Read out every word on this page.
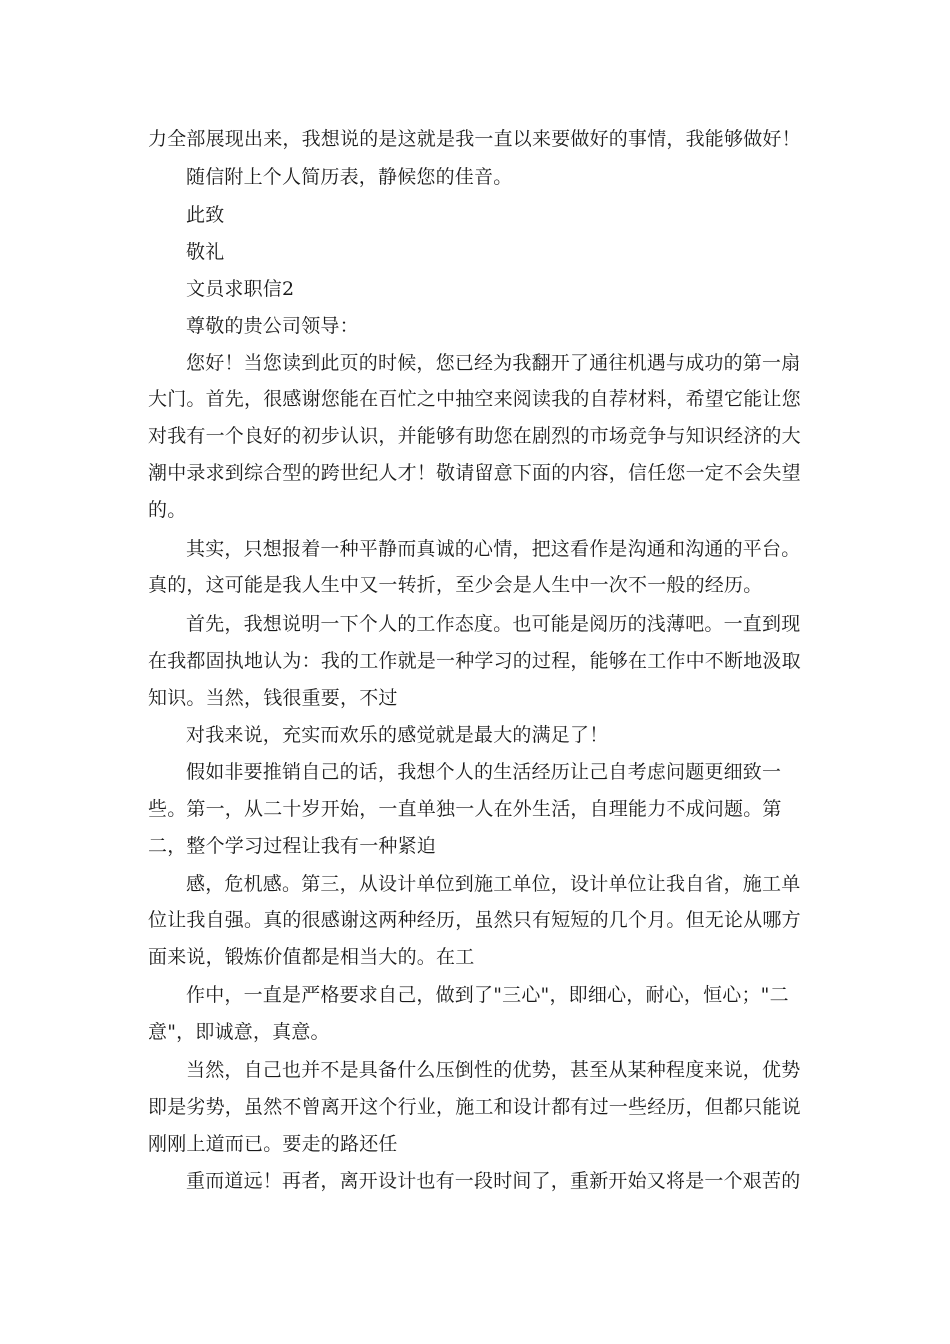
力全部展现出来，我想说的是这就是我一直以来要做好的事情，我能够做好！
随信附上个人简历表，静候您的佳音。
此致
敬礼
文员求职信2
尊敬的贵公司领导：
您好！当您读到此页的时候，您已经为我翻开了通往机遇与成功的第一扇
大门。首先，很感谢您能在百忙之中抽空来阅读我的自荐材料，希望它能让您
对我有一个良好的初步认识，并能够有助您在剧烈的市场竞争与知识经济的大
潮中录求到综合型的跨世纪人才！敬请留意下面的内容，信任您一定不会失望
的。
其实，只想报着一种平静而真诚的心情，把这看作是沟通和沟通的平台。
真的，这可能是我人生中又一转折，至少会是人生中一次不一般的经历。
首先，我想说明一下个人的工作态度。也可能是阅历的浅薄吧。一直到现
在我都固执地认为：我的工作就是一种学习的过程，能够在工作中不断地汲取
知识。当然，钱很重要，不过
对我来说，充实而欢乐的感觉就是最大的满足了！
假如非要推销自己的话，我想个人的生活经历让己自考虑问题更细致一
些。第一，从二十岁开始，一直单独一人在外生活，自理能力不成问题。第
二，整个学习过程让我有一种紧迫
感，危机感。第三，从设计单位到施工单位，设计单位让我自省，施工单
位让我自强。真的很感谢这两种经历，虽然只有短短的几个月。但无论从哪方
面来说，锻炼价值都是相当大的。在工
作中，一直是严格要求自己，做到了"三心"，即细心，耐心，恒心；"二
意"，即诚意，真意。
当然，自己也并不是具备什么压倒性的优势，甚至从某种程度来说，优势
即是劣势，虽然不曾离开这个行业，施工和设计都有过一些经历，但都只能说
刚刚上道而已。要走的路还任
重而道远！再者，离开设计也有一段时间了，重新开始又将是一个艰苦的
